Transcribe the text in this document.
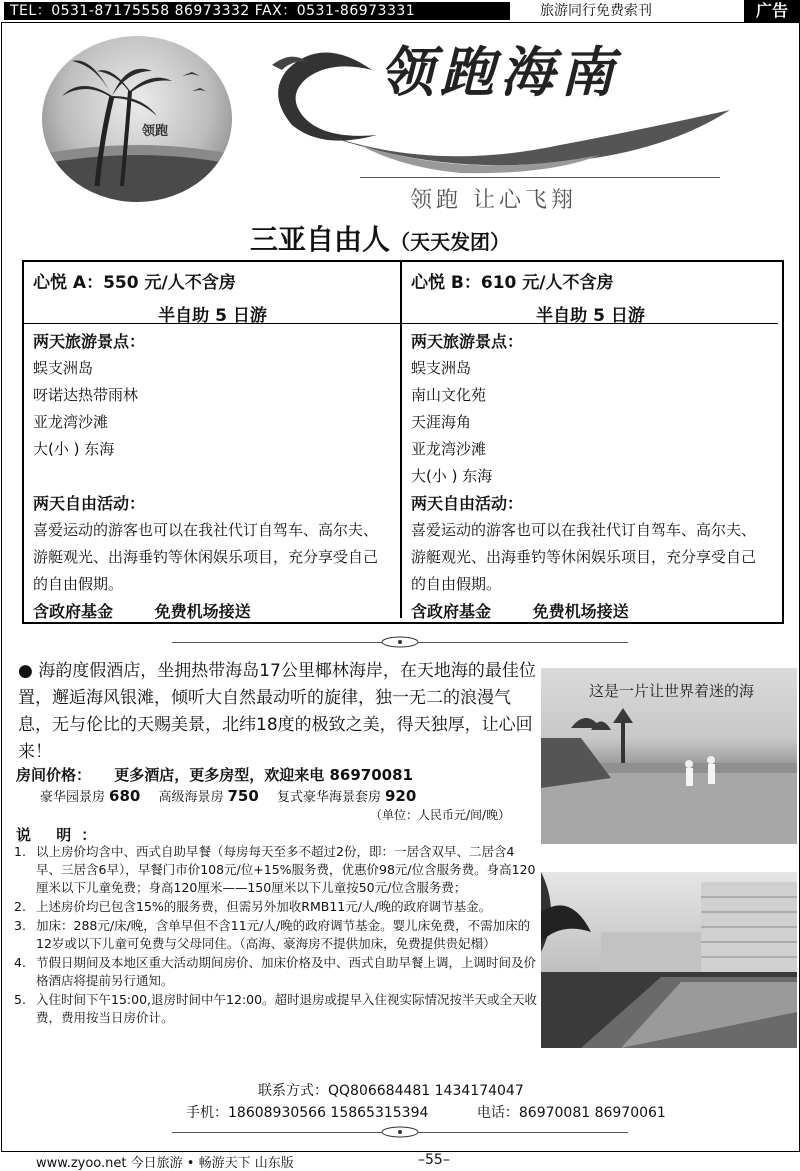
TEL：0531-87175558 86973332 FAX：0531-86973331	旅游同行免费索刊	广告
领跑
领跑海南
领跑 让心飞翔
三亚自由人（天天发团）
心悦 A：550 元/人不含房
半自助 5 日游
两天旅游景点：
蜈支洲岛
呀诺达热带雨林
亚龙湾沙滩
大(小 ) 东海
两天自由活动：
喜爱运动的游客也可以在我社代订自驾车、高尔夫、游艇观光、出海垂钓等休闲娱乐项目，充分享受自己的自由假期。
含政府基金	免费机场接送
心悦 B：610 元/人不含房
半自助 5 日游
两天旅游景点：
蜈支洲岛
南山文化苑
天涯海角
亚龙湾沙滩
大(小 ) 东海
两天自由活动：
喜爱运动的游客也可以在我社代订自驾车、高尔夫、游艇观光、出海垂钓等休闲娱乐项目，充分享受自己的自由假期。
含政府基金	免费机场接送
● 海韵度假酒店，坐拥热带海岛17公里椰林海岸，在天地海的最佳位置，邂逅海风银滩，倾听大自然最动听的旋律，独一无二的浪漫气息，无与伦比的天赐美景，北纬18度的极致之美，得天独厚，让心回来！
房间价格： 更多酒店，更多房型，欢迎来电 86970081
豪华园景房 680 高级海景房 750 复式豪华海景套房 920
（单位：人民币元/间/晚）
说 明：
1. 以上房价均含中、西式自助早餐（每房每天至多不超过2份，即：一居含双早、二居含4早、三居含6早），早餐门市价108元/位+15%服务费，优惠价98元/位含服务费。身高120厘米以下儿童免费；身高120厘米——150厘米以下儿童按50元/位含服务费；
2. 上述房价均已包含15%的服务费，但需另外加收RMB11元/人/晚的政府调节基金。
3. 加床：288元/床/晚，含单早但不含11元/人/晚的政府调节基金。婴儿床免费，不需加床的12岁或以下儿童可免费与父母同住。（高海、豪海房不提供加床，免费提供贵妃榻）
4. 节假日期间及本地区重大活动期间房价、加床价格及中、西式自助早餐上调，上调时间及价格酒店将提前另行通知。
5. 入住时间下午15:00,退房时间中午12:00。超时退房或提早入住视实际情况按半天或全天收费，费用按当日房价计。
这是一片让世界着迷的海
联系方式：QQ806684481 1434174047
手机：18608930566 15865315394	电话：86970081 86970061
www.zyoo.net 今日旅游 • 畅游天下 山东版	–55–
